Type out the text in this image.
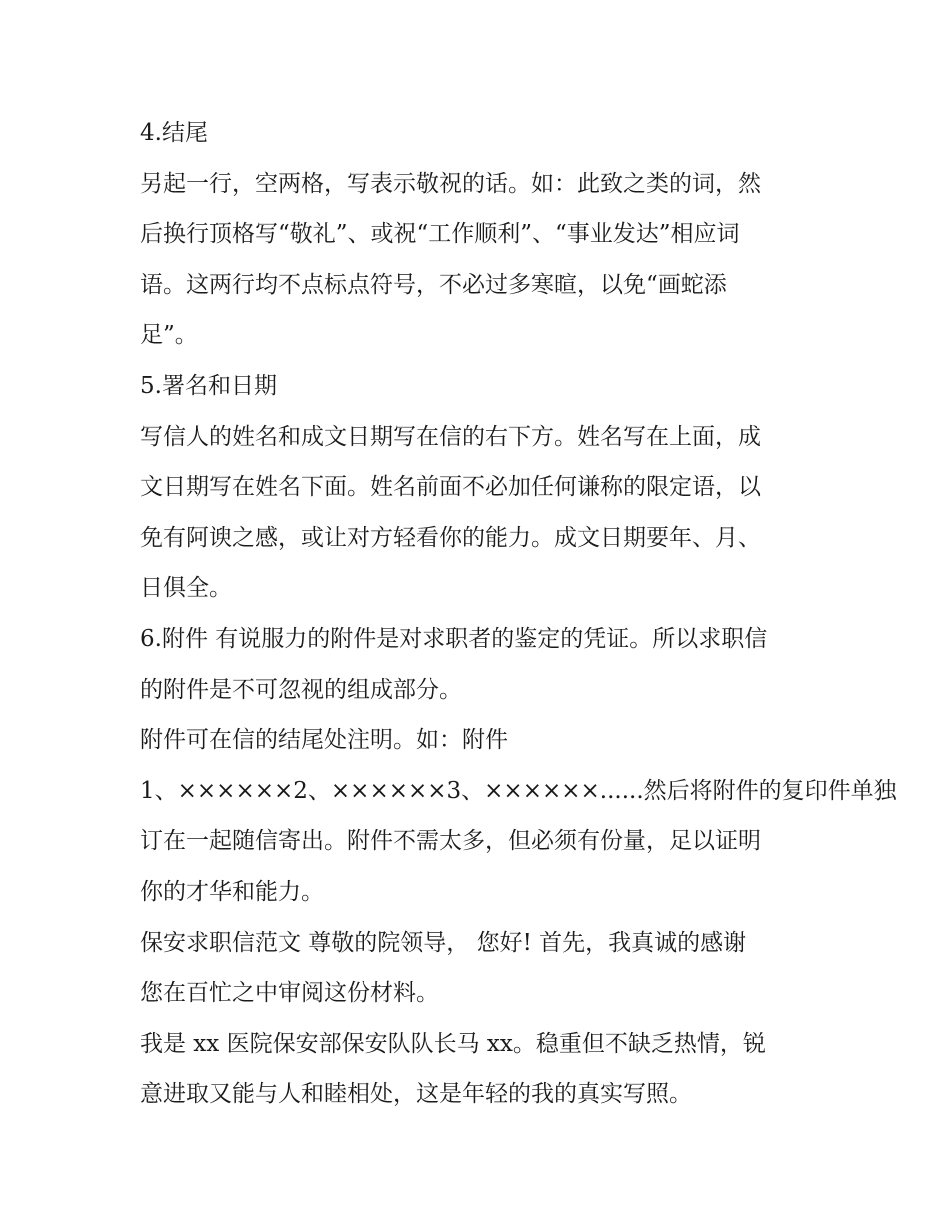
4.结尾
另起一行，空两格，写表示敬祝的话。如：此致之类的词，然
后换行顶格写“敬礼”、或祝“工作顺利”、“事业发达”相应词
语。这两行均不点标点符号，不必过多寒暄，以免“画蛇添
足”。
5.署名和日期
写信人的姓名和成文日期写在信的右下方。姓名写在上面，成
文日期写在姓名下面。姓名前面不必加任何谦称的限定语，以
免有阿谀之感，或让对方轻看你的能力。成文日期要年、月、
日俱全。
6.附件 有说服力的附件是对求职者的鉴定的凭证。所以求职信
的附件是不可忽视的组成部分。
附件可在信的结尾处注明。如：附件
1、××××××2、××××××3、××××××......然后将附件的复印件单独
订在一起随信寄出。附件不需太多，但必须有份量，足以证明
你的才华和能力。
保安求职信范文 尊敬的院领导， 您好! 首先，我真诚的感谢
您在百忙之中审阅这份材料。
我是 xx 医院保安部保安队队长马 xx。稳重但不缺乏热情，锐
意进取又能与人和睦相处，这是年轻的我的真实写照。
